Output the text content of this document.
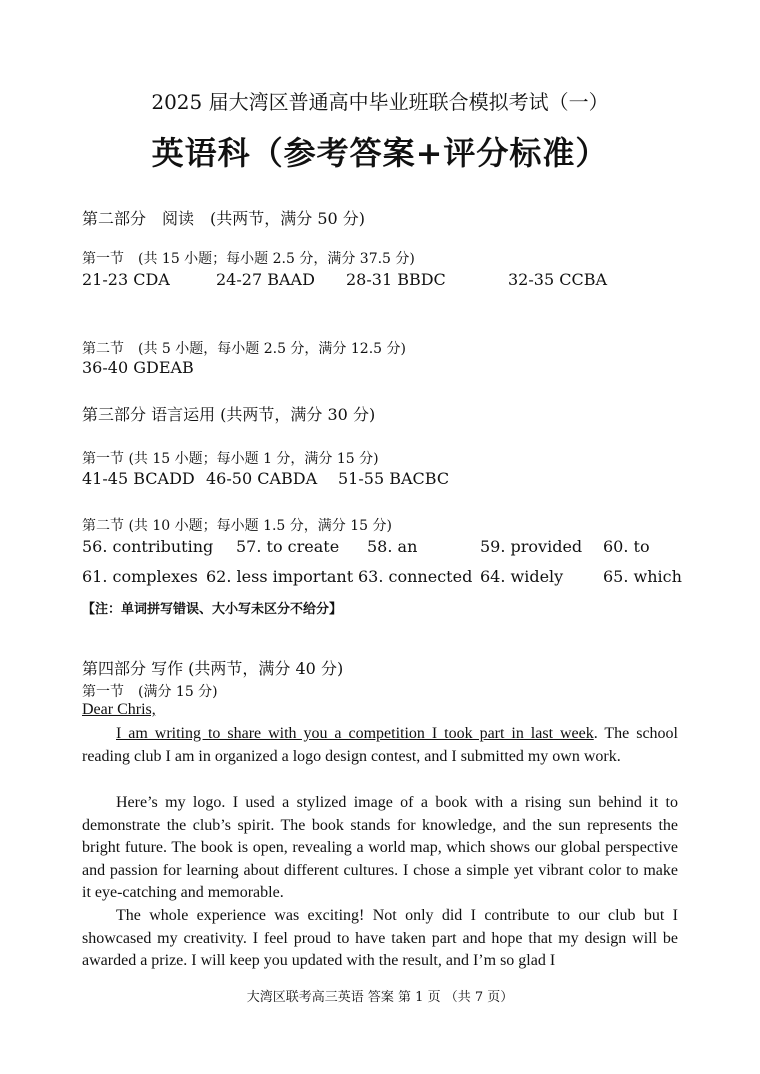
2025 届大湾区普通高中毕业班联合模拟考试（一）
英语科（参考答案+评分标准）
第二部分　阅读　(共两节，满分 50 分)
第一节　(共 15 小题；每小题 2.5 分，满分 37.5 分)
21-23 CDA	24-27 BAAD 28-31 BBDC	32-35 CCBA
第二节　(共 5 小题，每小题 2.5 分，满分 12.5 分)
36-40 GDEAB
第三部分 语言运用 (共两节，满分 30 分)
第一节 (共 15 小题；每小题 1 分，满分 15 分)
41-45 BCADD 46-50 CABDA 51-55 BACBC
第二节 (共 10 小题；每小题 1.5 分，满分 15 分)
56. contributing 57. to create 58. an	59. provided 60. to
61. complexes 62. less important 63. connected 64. widely 65. which
【注：单词拼写错误、大小写未区分不给分】
第四部分 写作 (共两节，满分 40 分)
第一节　(满分 15 分)
Dear Chris,
I am writing to share with you a competition I took part in last week. The school reading club I am in organized a logo design contest, and I submitted my own work.
Here’s my logo. I used a stylized image of a book with a rising sun behind it to demonstrate the club’s spirit. The book stands for knowledge, and the sun represents the bright future. The book is open, revealing a world map, which shows our global perspective and passion for learning about different cultures. I chose a simple yet vibrant color to make it eye-catching and memorable.
The whole experience was exciting! Not only did I contribute to our club but I showcased my creativity. I feel proud to have taken part and hope that my design will be awarded a prize. I will keep you updated with the result, and I’m so glad I
大湾区联考高三英语 答案 第 1 页 （共 7 页）
